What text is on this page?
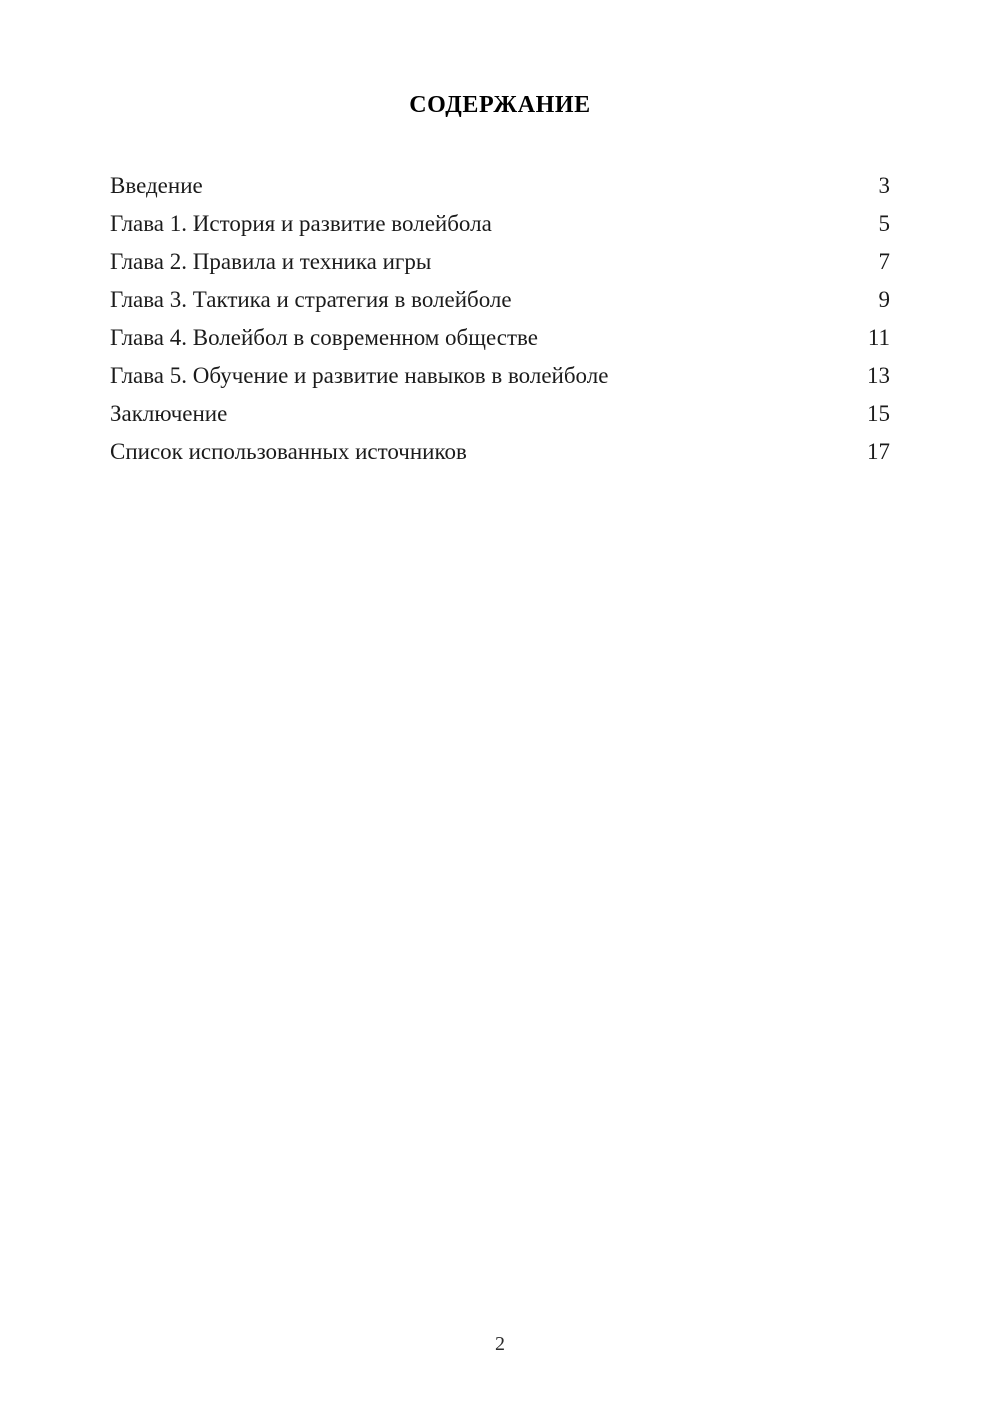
СОДЕРЖАНИЕ
Введение	3
Глава 1. История и развитие волейбола	5
Глава 2. Правила и техника игры	7
Глава 3. Тактика и стратегия в волейболе	9
Глава 4. Волейбол в современном обществе	11
Глава 5. Обучение и развитие навыков в волейболе	13
Заключение	15
Список использованных источников	17
2
